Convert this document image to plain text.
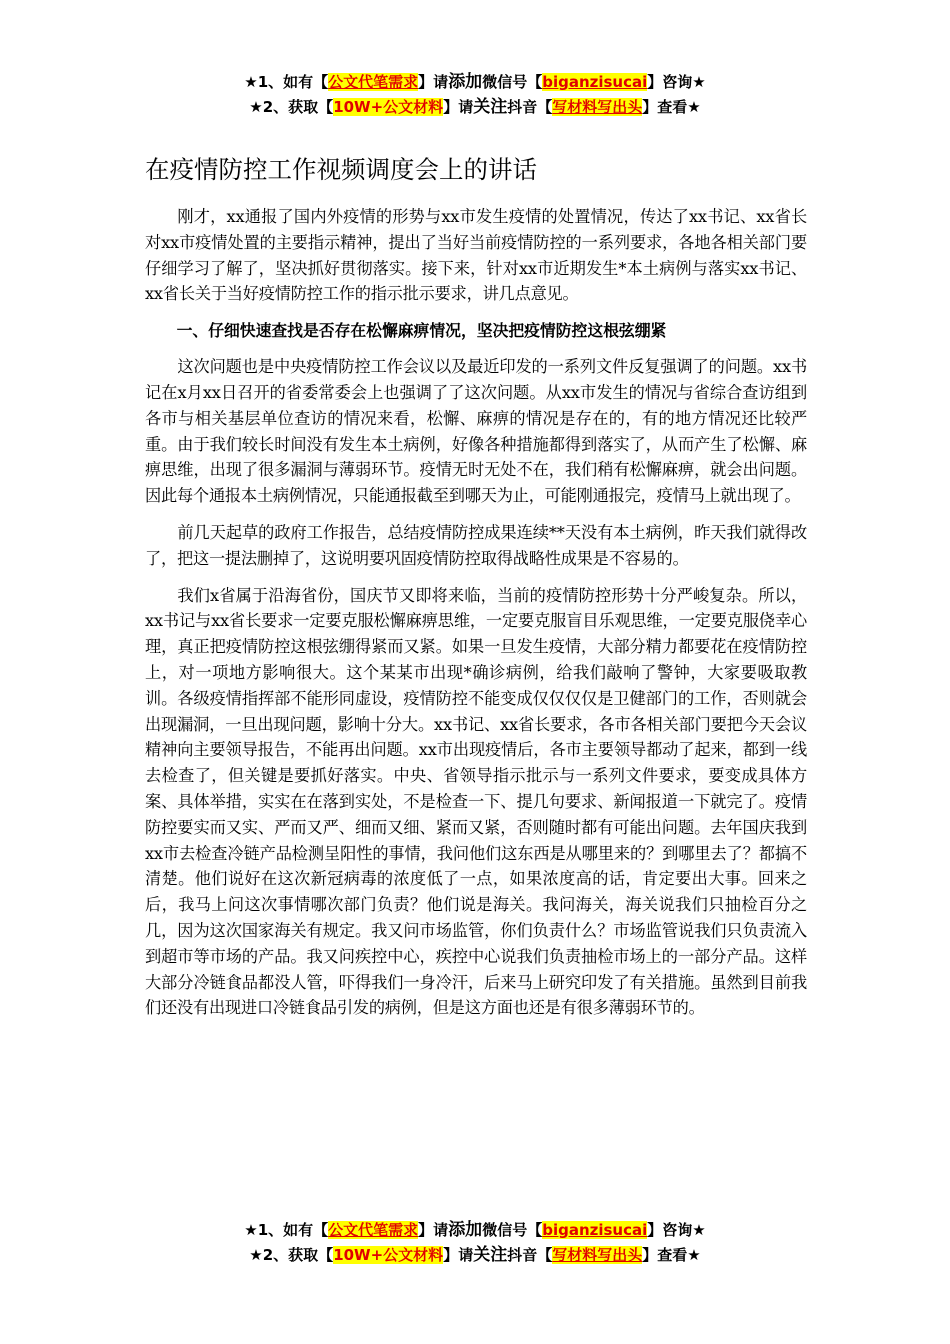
★1、如有【公文代笔需求】请添加微信号【biganzisucai】咨询★
★2、获取【10W+公文材料】请关注抖音【写材料写出头】查看★
在疫情防控工作视频调度会上的讲话

刚才，xx通报了国内外疫情的形势与xx市发生疫情的处置情况，传达了xx书记、xx省长对xx市疫情处置的主要指示精神，提出了当好当前疫情防控的一系列要求，各地各相关部门要仔细学习了解了，坚决抓好贯彻落实。接下来，针对xx市近期发生*本土病例与落实xx书记、xx省长关于当好疫情防控工作的指示批示要求，讲几点意见。

一、仔细快速查找是否存在松懈麻痹情况，坚决把疫情防控这根弦绷紧

这次问题也是中央疫情防控工作会议以及最近印发的一系列文件反复强调了的问题。xx书记在x月xx日召开的省委常委会上也强调了了这次问题。从xx市发生的情况与省综合查访组到各市与相关基层单位查访的情况来看，松懈、麻痹的情况是存在的，有的地方情况还比较严重。由于我们较长时间没有发生本土病例，好像各种措施都得到落实了，从而产生了松懈、麻痹思维，出现了很多漏洞与薄弱环节。疫情无时无处不在，我们稍有松懈麻痹，就会出问题。因此每个通报本土病例情况，只能通报截至到哪天为止，可能刚通报完，疫情马上就出现了。

前几天起草的政府工作报告，总结疫情防控成果连续**天没有本土病例，昨天我们就得改了，把这一提法删掉了，这说明要巩固疫情防控取得战略性成果是不容易的。

我们x省属于沿海省份，国庆节又即将来临，当前的疫情防控形势十分严峻复杂。所以，xx书记与xx省长要求一定要克服松懈麻痹思维，一定要克服盲目乐观思维，一定要克服侥幸心理，真正把疫情防控这根弦绷得紧而又紧。如果一旦发生疫情，大部分精力都要花在疫情防控上，对一项地方影响很大。这个某某市出现*确诊病例，给我们敲响了警钟，大家要吸取教训。各级疫情指挥部不能形同虚设，疫情防控不能变成仅仅仅仅是卫健部门的工作，否则就会出现漏洞，一旦出现问题，影响十分大。xx书记、xx省长要求，各市各相关部门要把今天会议精神向主要领导报告，不能再出问题。xx市出现疫情后，各市主要领导都动了起来，都到一线去检查了，但关键是要抓好落实。中央、省领导指示批示与一系列文件要求，要变成具体方案、具体举措，实实在在落到实处，不是检查一下、提几句要求、新闻报道一下就完了。疫情防控要实而又实、严而又严、细而又细、紧而又紧，否则随时都有可能出问题。去年国庆我到xx市去检查冷链产品检测呈阳性的事情，我问他们这东西是从哪里来的？到哪里去了？都搞不清楚。他们说好在这次新冠病毒的浓度低了一点，如果浓度高的话，肯定要出大事。回来之后，我马上问这次事情哪次部门负责？他们说是海关。我问海关，海关说我们只抽检百分之几，因为这次国家海关有规定。我又问市场监管，你们负责什么？市场监管说我们只负责流入到超市等市场的产品。我又问疾控中心，疾控中心说我们负责抽检市场上的一部分产品。这样大部分冷链食品都没人管，吓得我们一身冷汗，后来马上研究印发了有关措施。虽然到目前我们还没有出现进口冷链食品引发的病例，但是这方面也还是有很多薄弱环节的。

★1、如有【公文代笔需求】请添加微信号【biganzisucai】咨询★
★2、获取【10W+公文材料】请关注抖音【写材料写出头】查看★
